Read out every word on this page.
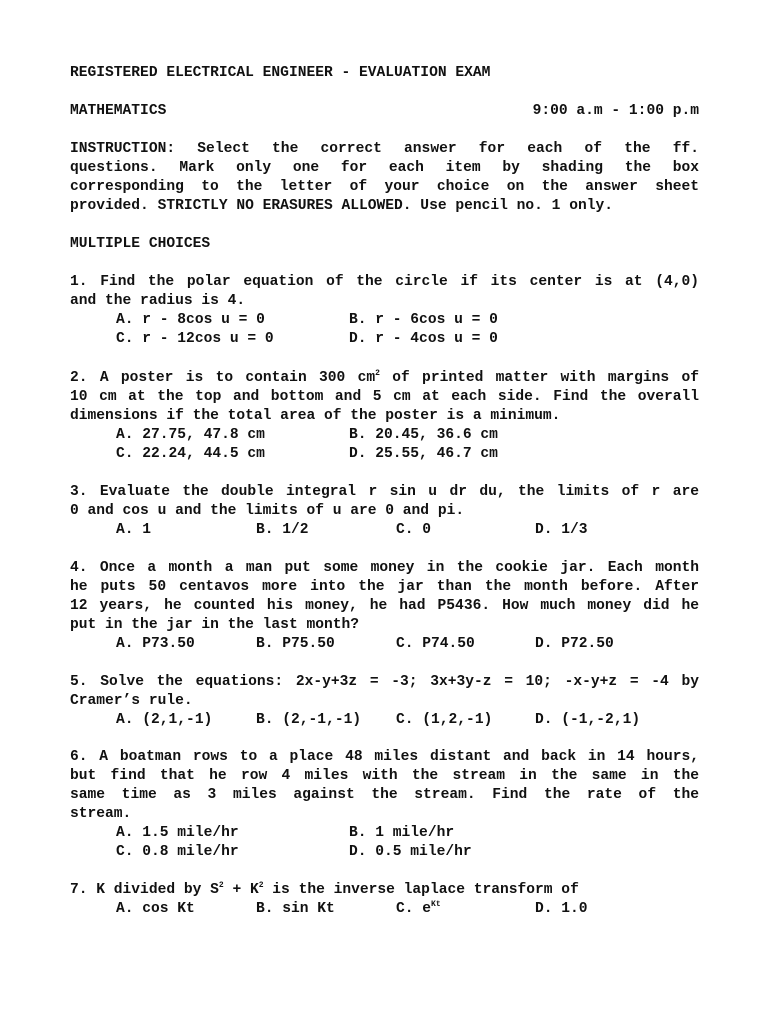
REGISTERED ELECTRICAL ENGINEER - EVALUATION EXAM

MATHEMATICS

	9:00 a.m - 1:00 p.m

INSTRUCTION: Select the correct answer for each of the ff.
questions. Mark only one for each item by shading the box
corresponding to the letter of your choice on the answer sheet
provided. STRICTLY NO ERASURES ALLOWED. Use pencil no. 1 only.
MULTIPLE CHOICES
1. Find the polar equation of the circle if its center is at (4,0)
and the radius is 4.

A. r - 8cos u = 0

	B. r - 6cos u = 0

C. r - 12cos u = 0

	D. r - 4cos u = 0

2. A poster is to contain 300 $cm^2$ of printed matter with margins of
10 cm at the top and bottom and 5 cm at each side. Find the overall
dimensions if the total area of the poster is a minimum.

A. 27.75, 47.8 cm

	B. 20.45, 36.6 cm

C. 22.24, 44.5 cm

	D. 25.55, 46.7 cm

3. Evaluate the double integral r sin u dr du, the limits of r are
0 and cos u and the limits of u are 0 and pi.

A. 1

	B. 1/2

	C. 0

	D. 1/3

4. Once a month a man put some money in the cookie jar. Each month
he puts 50 centavos more into the jar than the month before. After
12 years, he counted his money, he had P5436. How much money did he
put in the jar in the last month?

A. P73.50

	B. P75.50

	C. P74.50

	D. P72.50

5. Solve the equations: 2x-y+3z = -3; 3x+3y-z = 10; -x-y+z = -4 by
Cramer’s rule.

A. (2,1,-1)

	B. (2,-1,-1)

C. (1,2,-1)

	D. (-1,-2,1)

6. A boatman rows to a place 48 miles distant and back in 14 hours,
but find that he row 4 miles with the stream in the same in the
same time as 3 miles against the stream. Find the rate of the
stream.

A. 1.5 mile/hr

	B. 1 mile/hr

C. 0.8 mile/hr

	D. 0.5 mile/hr

7. K divided by $S^2 + K^2$ is the inverse laplace transform of

A. cos Kt

	B. sin Kt

	C. $e^{Kt}$

	D. 1.0
